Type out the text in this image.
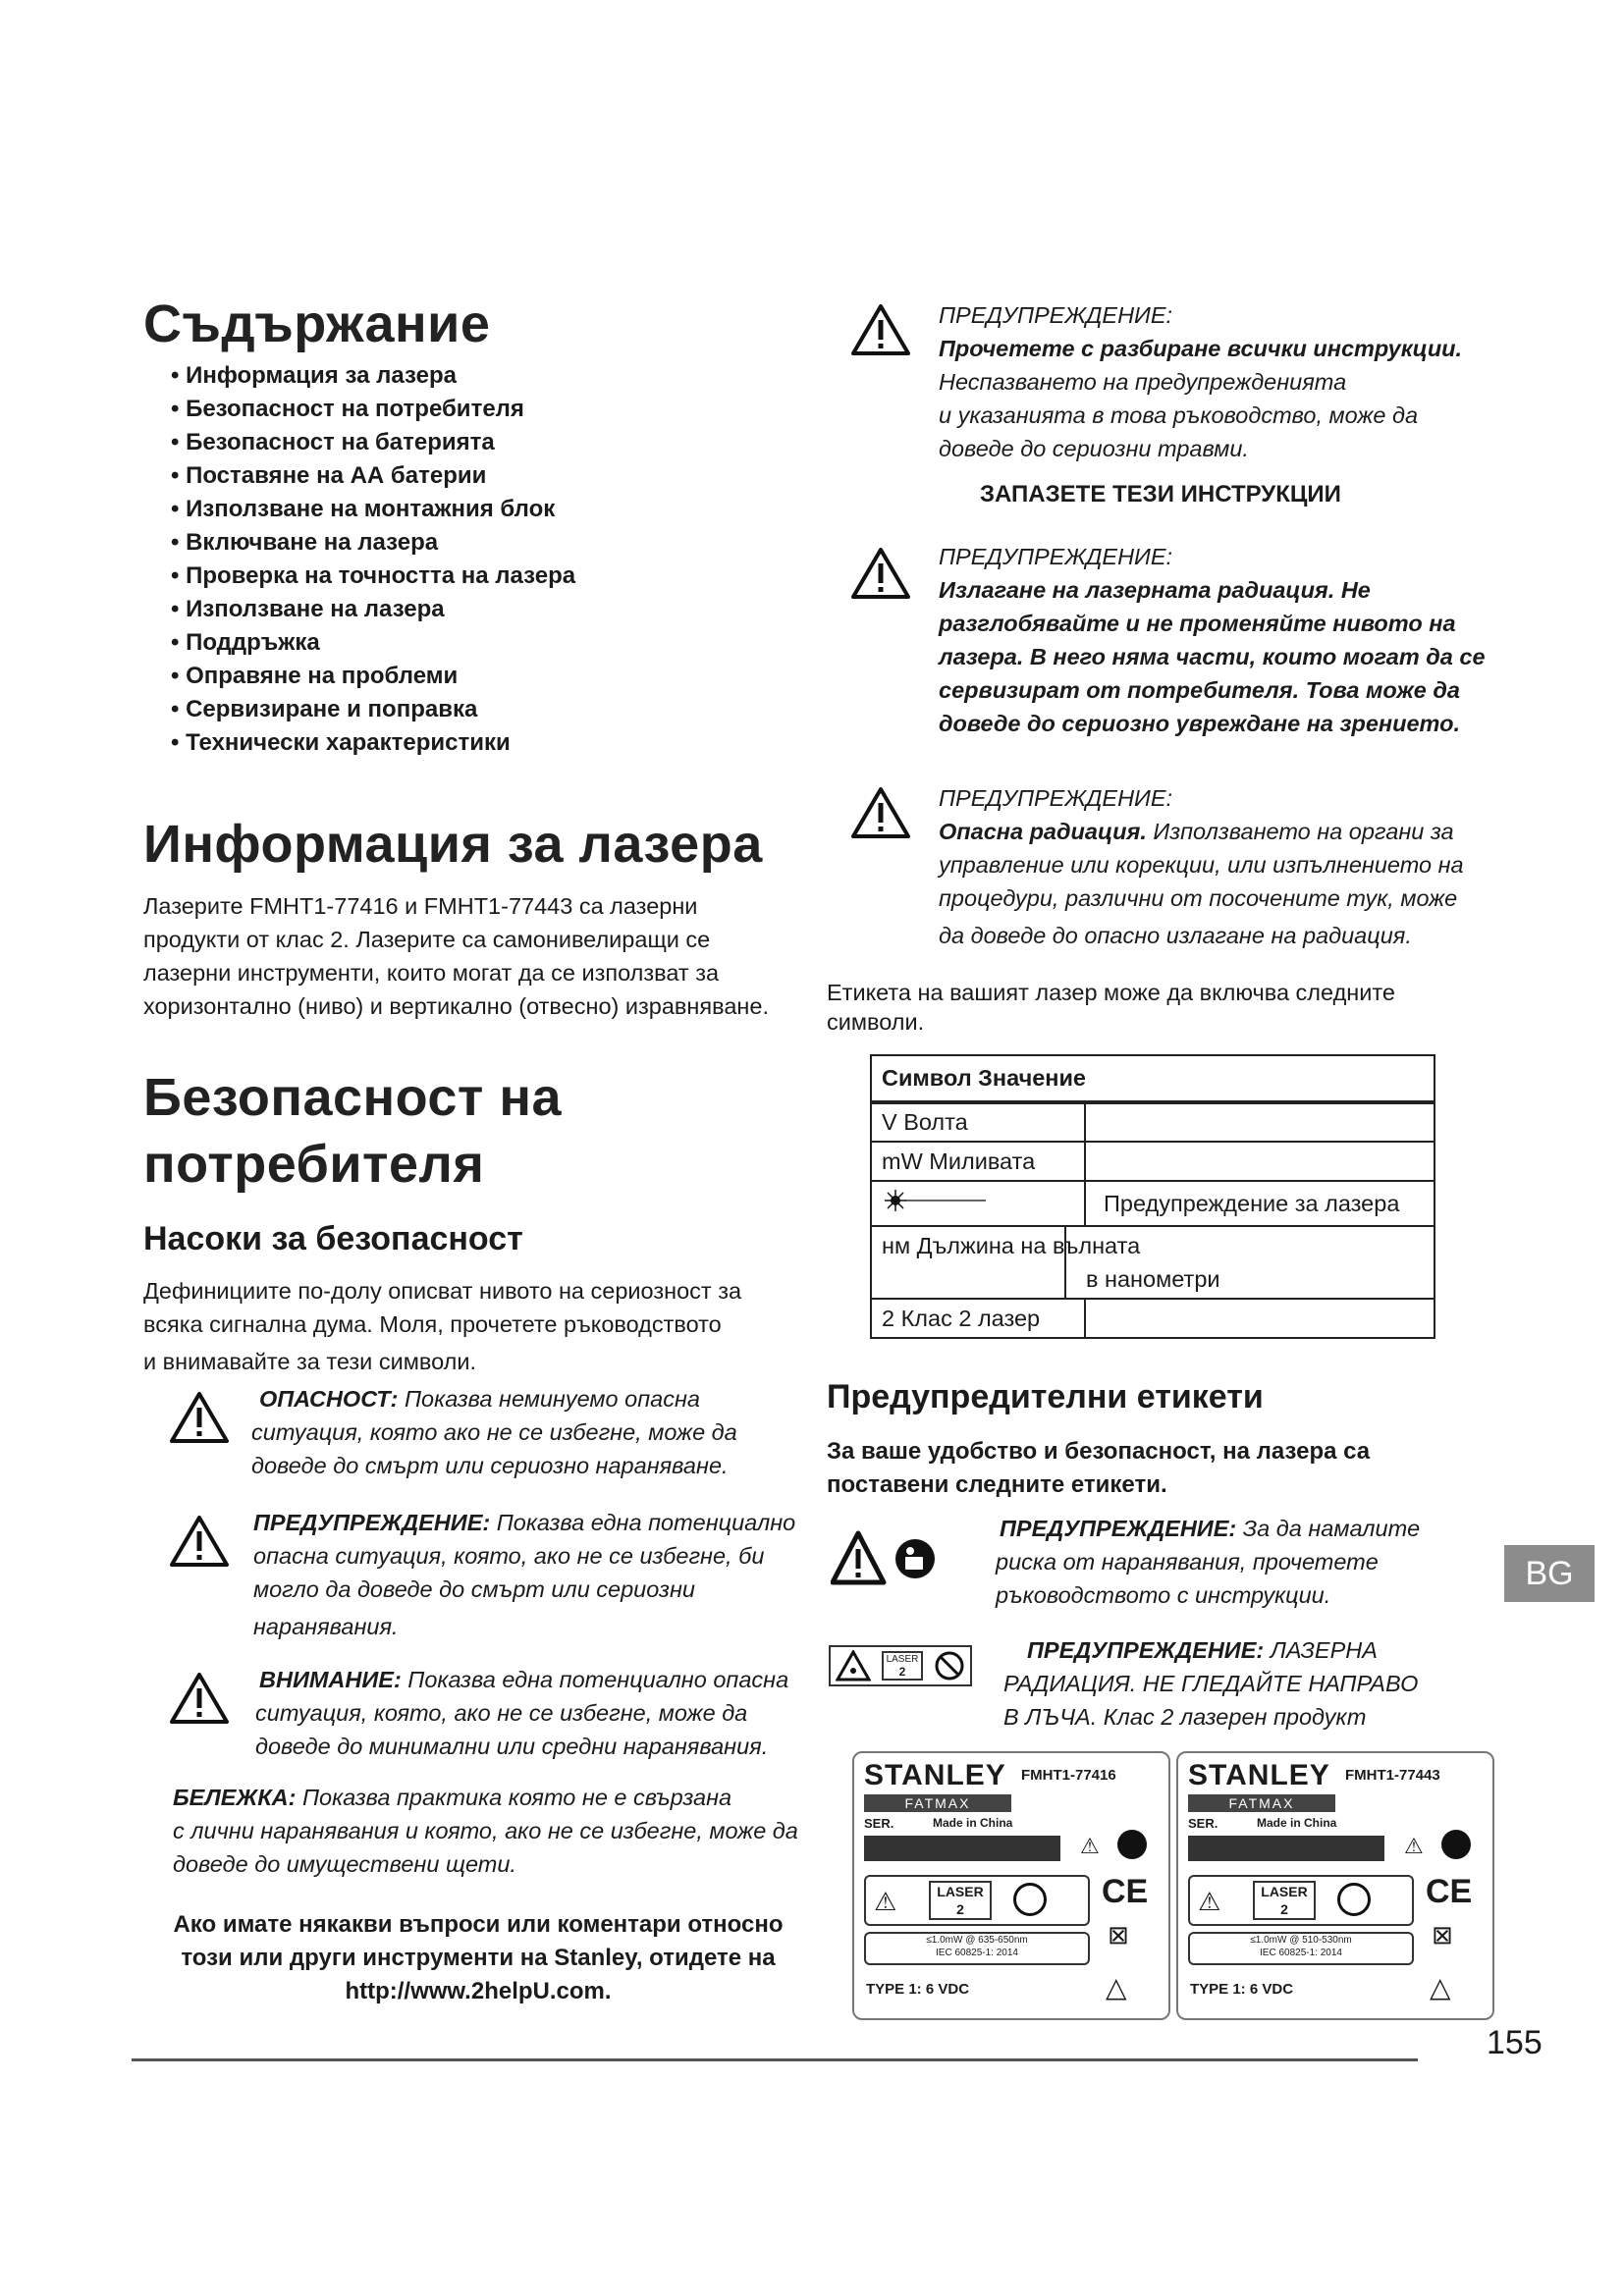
Съдържание
• Информация за лазера
• Безопасност на потребителя
• Безопасност на батерията
• Поставяне на АА батерии
• Използване на монтажния блок
• Включване на лазера
• Проверка на точността на лазера
• Използване на лазера
• Поддръжка
• Оправяне на проблеми
• Сервизиране и поправка
• Технически характеристики
Информация за лазера
Лазерите FMHT1-77416 и FMHT1-77443 са лазерни
продукти от клас 2. Лазерите са самонивелиращи се
лазерни инструменти, които могат да се използват за
хоризонтално (ниво) и вертикално (отвесно) изравняване.
Безопасност на
потребителя
Насоки за безопасност
Дефинициите по-долу описват нивото на сериозност за
всяка сигнална дума. Моля, прочетете ръководството
и внимавайте за тези символи.
ОПАСНОСТ: Показва неминуемо опасна
ситуация, която ако не се избегне, може да
доведе до смърт или сериозно нараняване.
ПРЕДУПРЕЖДЕНИЕ: Показва една потенциално
опасна ситуация, която, ако не се избегне, би
могло да доведе до смърт или сериозни
наранявания.
ВНИМАНИЕ: Показва една потенциално опасна
ситуация, която, ако не се избегне, може да
доведе до минимални или средни наранявания.
БЕЛЕЖКА: Показва практика която не е свързана
с лични наранявания и която, ако не се избегне, може да
доведе до имуществени щети.
Ако имате някакви въпроси или коментари относно
този или други инструменти на Stanley, отидете на
http://www.2helpU.com.
ПРЕДУПРЕЖДЕНИЕ:
Прочетете с разбиране всички инструкции.
Неспазването на предупрежденията
и указанията в това ръководство, може да
доведе до сериозни травми.
ЗАПАЗЕТЕ ТЕЗИ ИНСТРУКЦИИ
ПРЕДУПРЕЖДЕНИЕ:
Излагане на лазерната радиация. Не
разглобявайте и не променяйте нивото на
лазера. В него няма части, които могат да се
сервизират от потребителя. Това може да
доведе до сериозно увреждане на зрението.
ПРЕДУПРЕЖДЕНИЕ:
Опасна радиация. Използването на органи за
управление или корекции, или изпълнението на
процедури, различни от посочените тук, може
да доведе до опасно излагане на радиация.
Етикета на вашият лазер може да включва следните
символи.
Символ Значение	
V Волта	
mW Миливата	
	Предупреждение за лазера

нм Дължина на вълната
в нанометри	

2 Клас 2 лазер	
Предупредителни етикети
За ваше удобство и безопасност, на лазера са
поставени следните етикети.
ПРЕДУПРЕЖДЕНИЕ: За да намалите
риска от наранявания, прочетете
ръководството с инструкции.
LASER
2
ПРЕДУПРЕЖДЕНИЕ: ЛАЗЕРНА
РАДИАЦИЯ. НЕ ГЛЕДАЙТЕ НАПРАВО
В ЛЪЧА. Клас 2 лазерен продукт
STANLEY FMHT1-77416
FATMAX
SER.	Made in China
⚠
⚠	LASER
2	CE
⊠
≤1.0mW @ 635-650nm
IEC 60825-1: 2014
TYPE 1: 6 VDC	△
STANLEY FMHT1-77443
FATMAX
SER.	Made in China
⚠
⚠	LASER
2	CE
⊠
≤1.0mW @ 510-530nm
IEC 60825-1: 2014
TYPE 1: 6 VDC	△
BG
155
